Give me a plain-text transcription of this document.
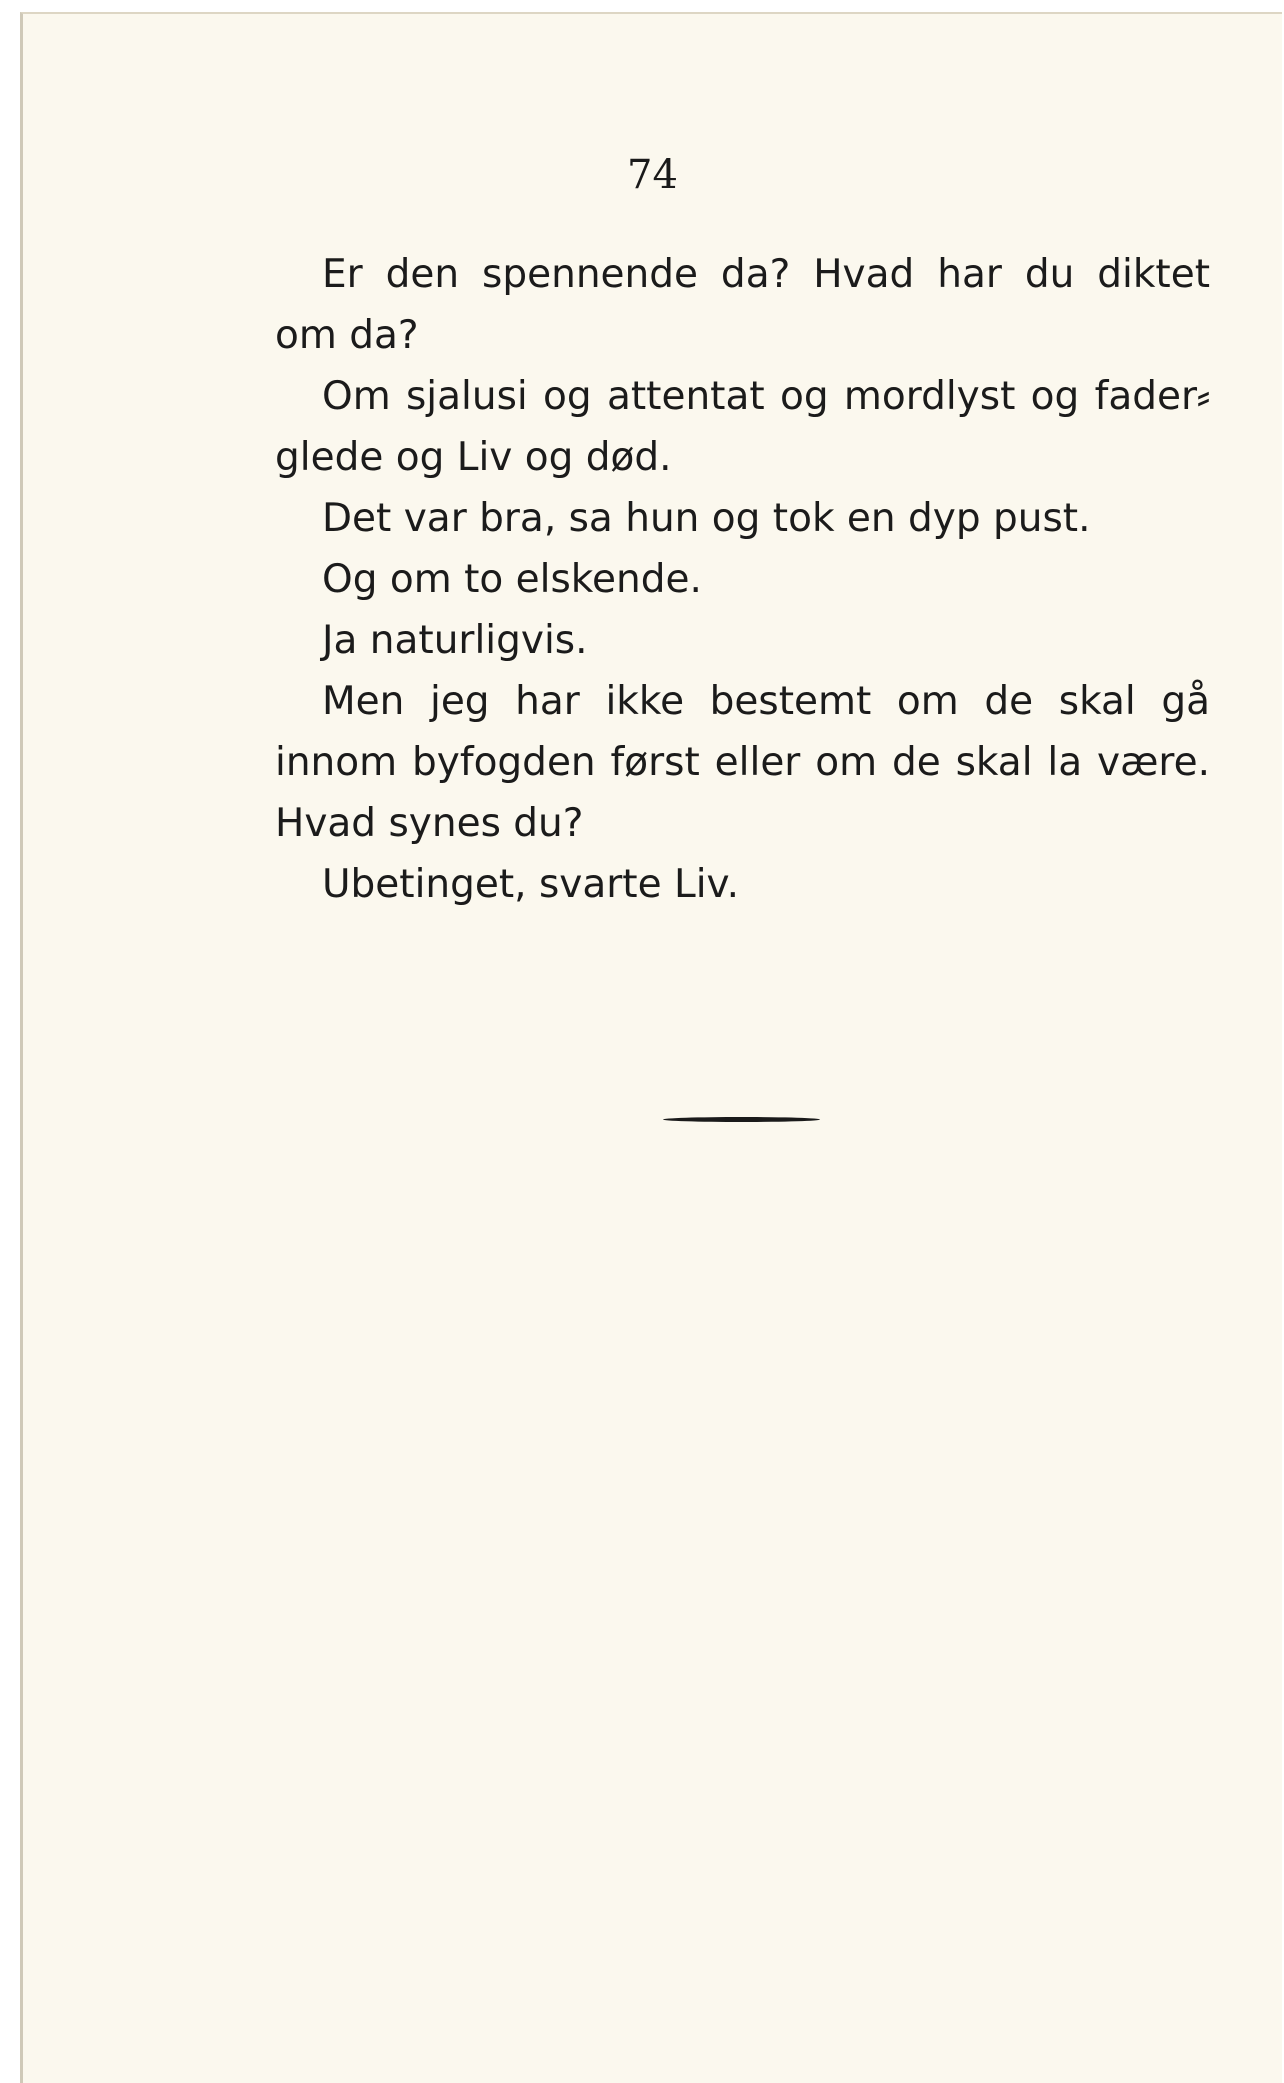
74

Er den spennende da? Hvad har du diktet om da?

Om sjalusi og attentat og mordlyst og fader⸗glede og Liv og død.

Det var bra, sa hun og tok en dyp pust.

Og om to elskende.

Ja naturligvis.

Men jeg har ikke bestemt om de skal gå innom byfogden først eller om de skal la være. Hvad synes du?

Ubetinget, svarte Liv.
